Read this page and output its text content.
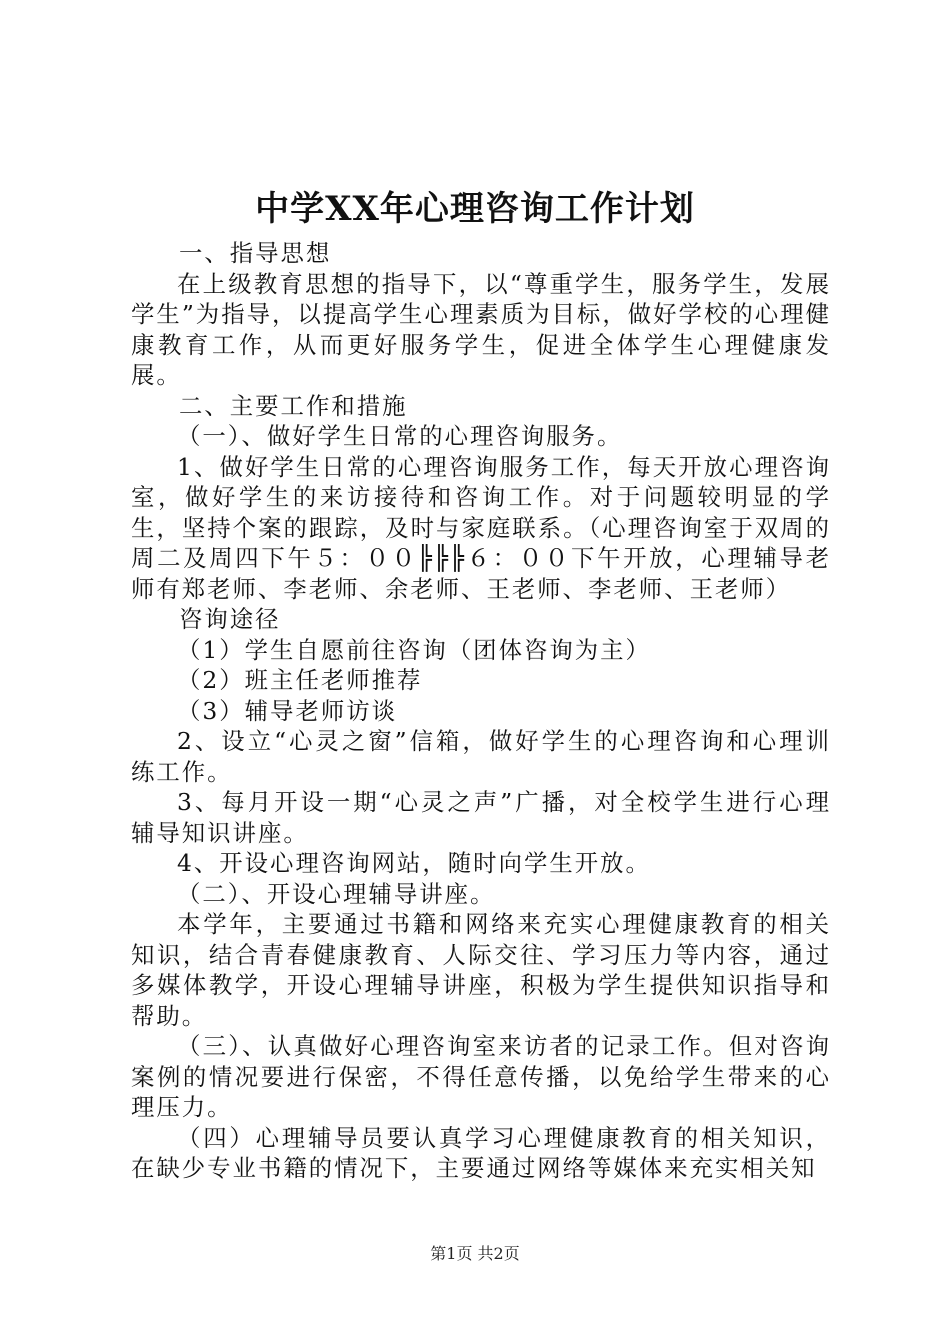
中学XX年心理咨询工作计划

一、指导思想

在上级教育思想的指导下，以“尊重学生，服务学生，发展学生”为指导，以提高学生心理素质为目标，做好学校的心理健康教育工作，从而更好服务学生，促进全体学生心理健康发展。

二、主要工作和措施

（一）、做好学生日常的心理咨询服务。

1、做好学生日常的心理咨询服务工作，每天开放心理咨询室，做好学生的来访接待和咨询工作。对于问题较明显的学生，坚持个案的跟踪，及时与家庭联系。（心理咨询室于双周的周二及周四下午５：００╠╠╠６：００下午开放，心理辅导老师有郑老师、李老师、余老师、王老师、李老师、王老师）

咨询途径

（1）学生自愿前往咨询（团体咨询为主）

（2）班主任老师推荐

（3）辅导老师访谈

2、设立“心灵之窗”信箱，做好学生的心理咨询和心理训练工作。

3、每月开设一期“心灵之声”广播，对全校学生进行心理辅导知识讲座。

4、开设心理咨询网站，随时向学生开放。

（二）、开设心理辅导讲座。

本学年，主要通过书籍和网络来充实心理健康教育的相关知识，结合青春健康教育、人际交往、学习压力等内容，通过多媒体教学，开设心理辅导讲座，积极为学生提供知识指导和帮助。

（三）、认真做好心理咨询室来访者的记录工作。但对咨询案例的情况要进行保密，不得任意传播，以免给学生带来的心理压力。

（四）心理辅导员要认真学习心理健康教育的相关知识，在缺少专业书籍的情况下，主要通过网络等媒体来充实相关知

第1页 共2页
